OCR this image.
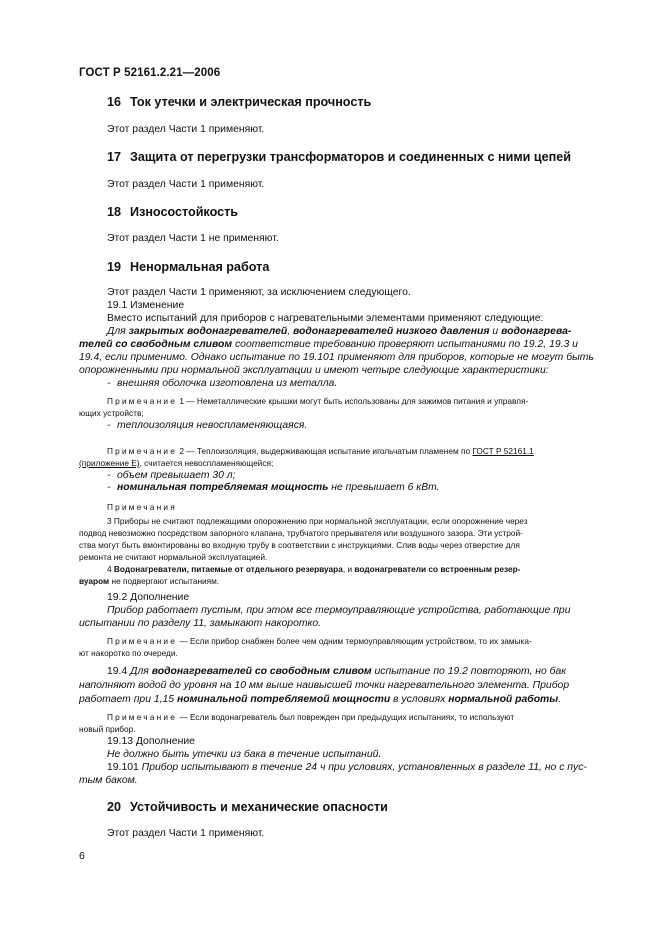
ГОСТ Р 52161.2.21—2006
16 Ток утечки и электрическая прочность
Этот раздел Части 1 применяют.
17 Защита от перегрузки трансформаторов и соединенных с ними цепей
Этот раздел Части 1 применяют.
18 Износостойкость
Этот раздел Части 1 не применяют.
19 Ненормальная работа
Этот раздел Части 1 применяют, за исключением следующего.
19.1 Изменение
Вместо испытаний для приборов с нагревательными элементами применяют следующие:
Для закрытых водонагревателей, водонагревателей низкого давления и водонагрева-
телей со свободным сливом соответствие требованию проверяют испытаниями по 19.2, 19.3 и
19.4, если применимо. Однако испытание по 19.101 применяют для приборов, которые не могут быть
опорожненными при нормальной эксплуатации и имеют четыре следующие характеристики:
- внешняя оболочка изготовлена из металла.
Примечание 1 — Неметаллические крышки могут быть использованы для зажимов питания и управля-
ющих устройств;
- теплоизоляция невоспламеняющаяся.
Примечание 2 — Теплоизоляция, выдерживающая испытание игольчатым пламенем по ГОСТ Р 52161.1
(приложение Е), считается невоспламеняющейся;
- объем превышает 30 л;
- номинальная потребляемая мощность не превышает 6 кВт.
Примечания
3 Приборы не считают подлежащими опорожнению при нормальной эксплуатации, если опорожнение через
подвод невозможно посредством запорного клапана, трубчатого прерывателя или воздушного зазора. Эти устрой-
ства могут быть вмонтированы во входную трубу в соответствии с инструкциями. Слив воды через отверстие для
ремонта не считают нормальной эксплуатацией.
4 Водонагреватели, питаемые от отдельного резервуара, и водонагреватели со встроенным резер-
вуаром не подвергают испытаниям.
19.2 Дополнение
Прибор работает пустым, при этом все термоуправляющие устройства, работающие при
испытании по разделу 11, замыкают накоротко.
Примечание — Если прибор снабжен более чем одним термоуправляющим устройством, то их замыка-
ют накоротко по очереди.
19.4 Для водонагревателей со свободным сливом испытание по 19.2 повторяют, но бак
наполняют водой до уровня на 10 мм выше наивысшей точки нагревательного элемента. Прибор
работает при 1,15 номинальной потребляемой мощности в условиях нормальной работы.
Примечание — Если водонагреватель был поврежден при предыдущих испытаниях, то используют
новый прибор.
19.13 Дополнение
Не должно быть утечки из бака в течение испытаний.
19.101 Прибор испытывают в течение 24 ч при условиях, установленных в разделе 11, но с пус-
тым баком.
20 Устойчивость и механические опасности
Этот раздел Части 1 применяют.
6
